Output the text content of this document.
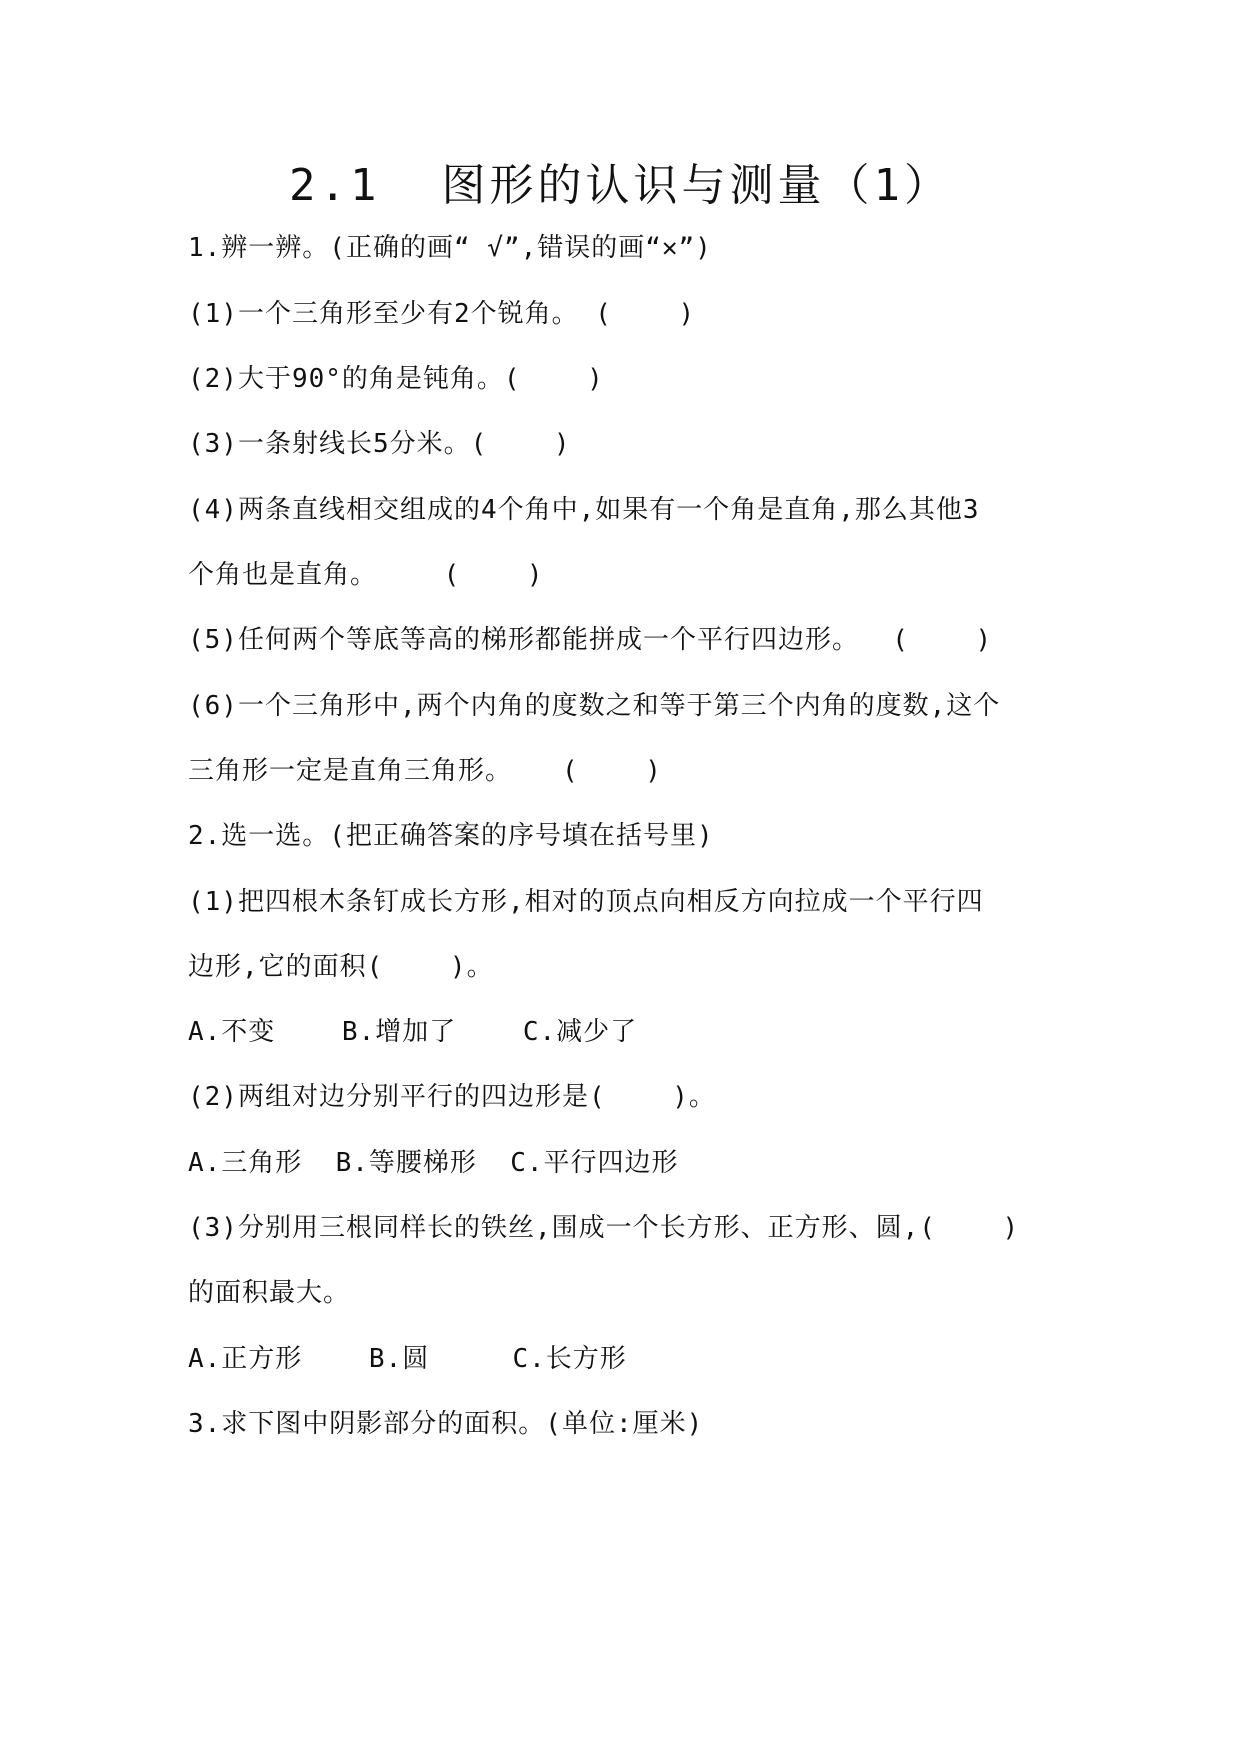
2.1  图形的认识与测量（1）
1.辨一辨。(正确的画“ √”,错误的画“✕”)
(1)一个三角形至少有2个锐角。 (    )
(2)大于90°的角是钝角。(    )
(3)一条射线长5分米。(    )
(4)两条直线相交组成的4个角中,如果有一个角是直角,那么其他3
个角也是直角。    (    )
(5)任何两个等底等高的梯形都能拼成一个平行四边形。  (    )
(6)一个三角形中,两个内角的度数之和等于第三个内角的度数,这个
三角形一定是直角三角形。   (    )
2.选一选。(把正确答案的序号填在括号里)
(1)把四根木条钉成长方形,相对的顶点向相反方向拉成一个平行四
边形,它的面积(    )。
A.不变    B.增加了    C.减少了
(2)两组对边分别平行的四边形是(    )。
A.三角形  B.等腰梯形  C.平行四边形
(3)分别用三根同样长的铁丝,围成一个长方形、正方形、圆,(    )
的面积最大。
A.正方形    B.圆     C.长方形
3.求下图中阴影部分的面积。(单位:厘米)
